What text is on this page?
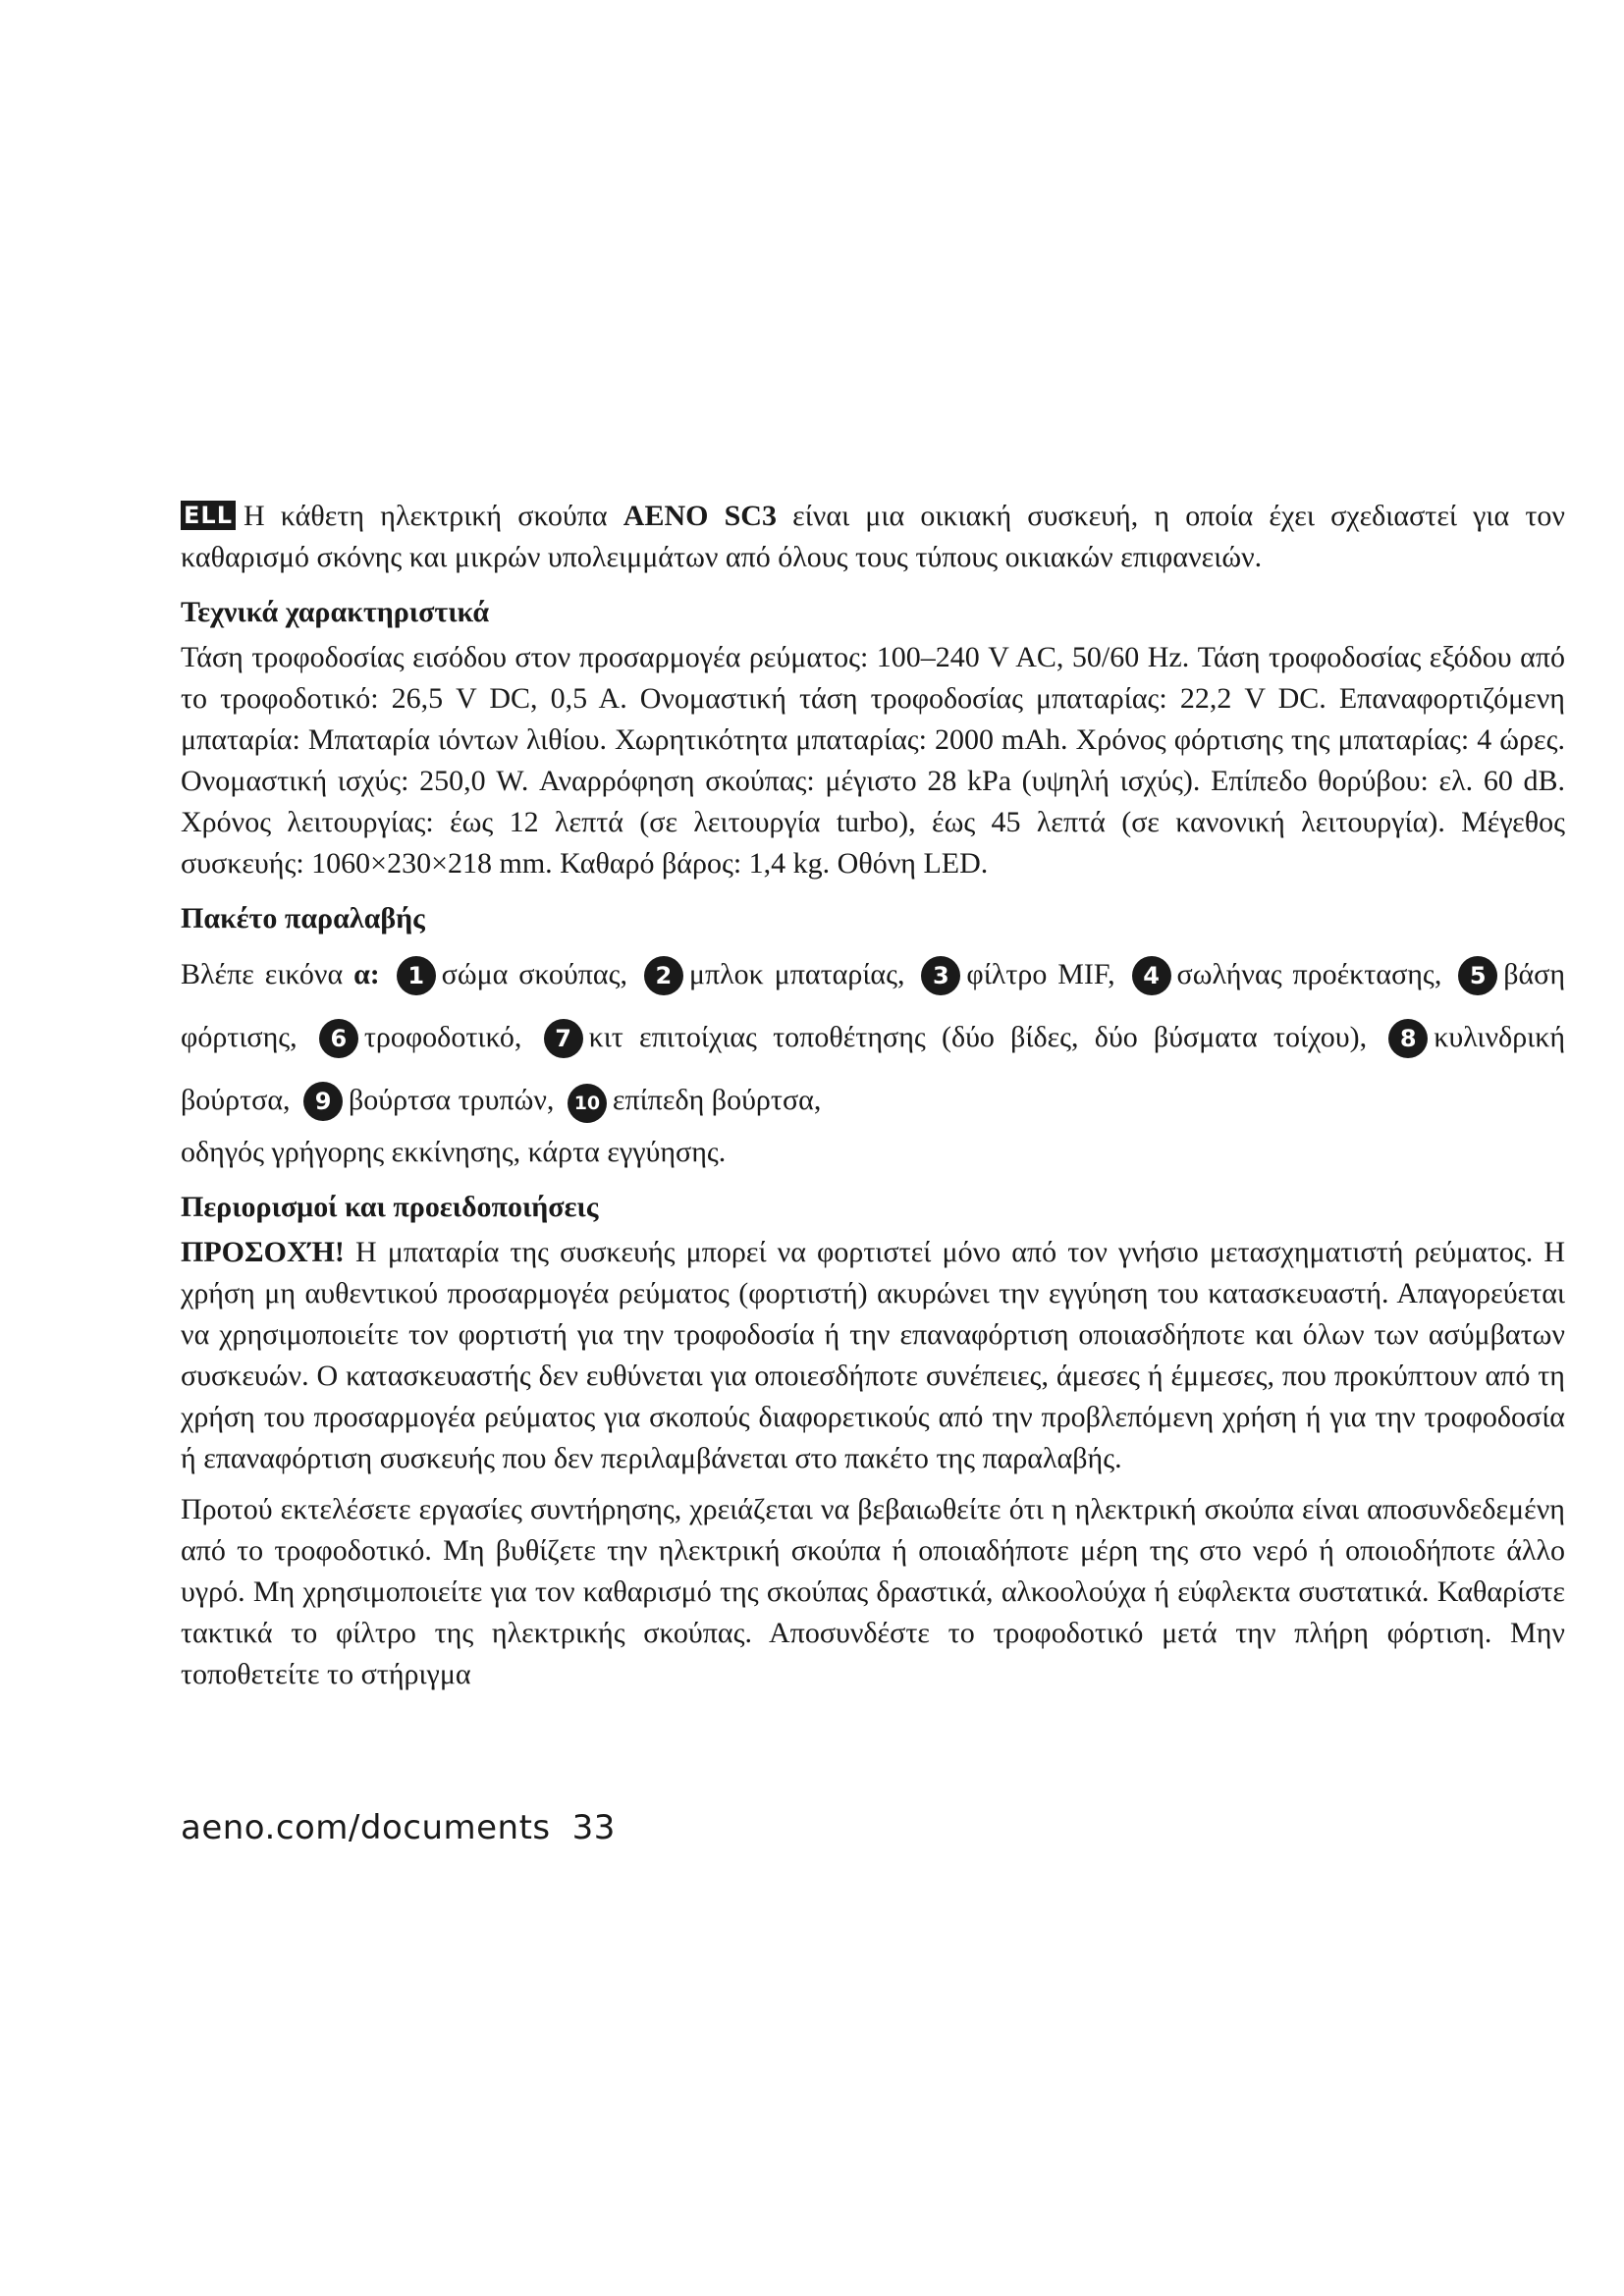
ELL Η κάθετη ηλεκτρική σκούπα AENO SC3 είναι μια οικιακή συσκευή, η οποία έχει σχεδιαστεί για τον καθαρισμό σκόνης και μικρών υπολειμμάτων από όλους τους τύπους οικιακών επιφανειών.

Τεχνικά χαρακτηριστικά

Τάση τροφοδοσίας εισόδου στον προσαρμογέα ρεύματος: 100–240 V AC, 50/60 Hz. Τάση τροφοδοσίας εξόδου από το τροφοδοτικό: 26,5 V DC, 0,5 A. Ονομαστική τάση τροφοδοσίας μπαταρίας: 22,2 V DC. Επαναφορτιζόμενη μπαταρία: Μπαταρία ιόντων λιθίου. Χωρητικότητα μπαταρίας: 2000 mAh. Χρόνος φόρτισης της μπαταρίας: 4 ώρες. Ονομαστική ισχύς: 250,0 W. Αναρρόφηση σκούπας: μέγιστο 28 kPa (υψηλή ισχύς). Επίπεδο θορύβου: ελ. 60 dB. Χρόνος λειτουργίας: έως 12 λεπτά (σε λειτουργία turbo), έως 45 λεπτά (σε κανονική λειτουργία). Μέγεθος συσκευής: 1060×230×218 mm. Καθαρό βάρος: 1,4 kg. Οθόνη LED.

Πακέτο παραλαβής

Βλέπε εικόνα α: 1 σώμα σκούπας, 2 μπλοκ μπαταρίας, 3 φίλτρο MIF, 4 σωλήνας προέκτασης, 5 βάση φόρτισης, 6 τροφοδοτικό, 7 κιτ επιτοίχιας τοποθέτησης (δύο βίδες, δύο βύσματα τοίχου), 8 κυλινδρική βούρτσα, 9 βούρτσα τρυπών, 10 επίπεδη βούρτσα,

οδηγός γρήγορης εκκίνησης, κάρτα εγγύησης.

Περιορισμοί και προειδοποιήσεις

ΠΡΟΣΟΧΉ! Η μπαταρία της συσκευής μπορεί να φορτιστεί μόνο από τον γνήσιο μετασχηματιστή ρεύματος. Η χρήση μη αυθεντικού προσαρμογέα ρεύματος (φορτιστή) ακυρώνει την εγγύηση του κατασκευαστή. Απαγορεύεται να χρησιμοποιείτε τον φορτιστή για την τροφοδοσία ή την επαναφόρτιση οποιασδήποτε και όλων των ασύμβατων συσκευών. Ο κατασκευαστής δεν ευθύνεται για οποιεσδήποτε συνέπειες, άμεσες ή έμμεσες, που προκύπτουν από τη χρήση του προσαρμογέα ρεύματος για σκοπούς διαφορετικούς από την προβλεπόμενη χρήση ή για την τροφοδοσία ή επαναφόρτιση συσκευής που δεν περιλαμβάνεται στο πακέτο της παραλαβής.

Προτού εκτελέσετε εργασίες συντήρησης, χρειάζεται να βεβαιωθείτε ότι η ηλεκτρική σκούπα είναι αποσυνδεδεμένη από το τροφοδοτικό. Μη βυθίζετε την ηλεκτρική σκούπα ή οποιαδήποτε μέρη της στο νερό ή οποιοδήποτε άλλο υγρό. Μη χρησιμοποιείτε για τον καθαρισμό της σκούπας δραστικά, αλκοολούχα ή εύφλεκτα συστατικά. Καθαρίστε τακτικά το φίλτρο της ηλεκτρικής σκούπας. Αποσυνδέστε το τροφοδοτικό μετά την πλήρη φόρτιση. Μην τοποθετείτε το στήριγμα

aeno.com/documents 33
